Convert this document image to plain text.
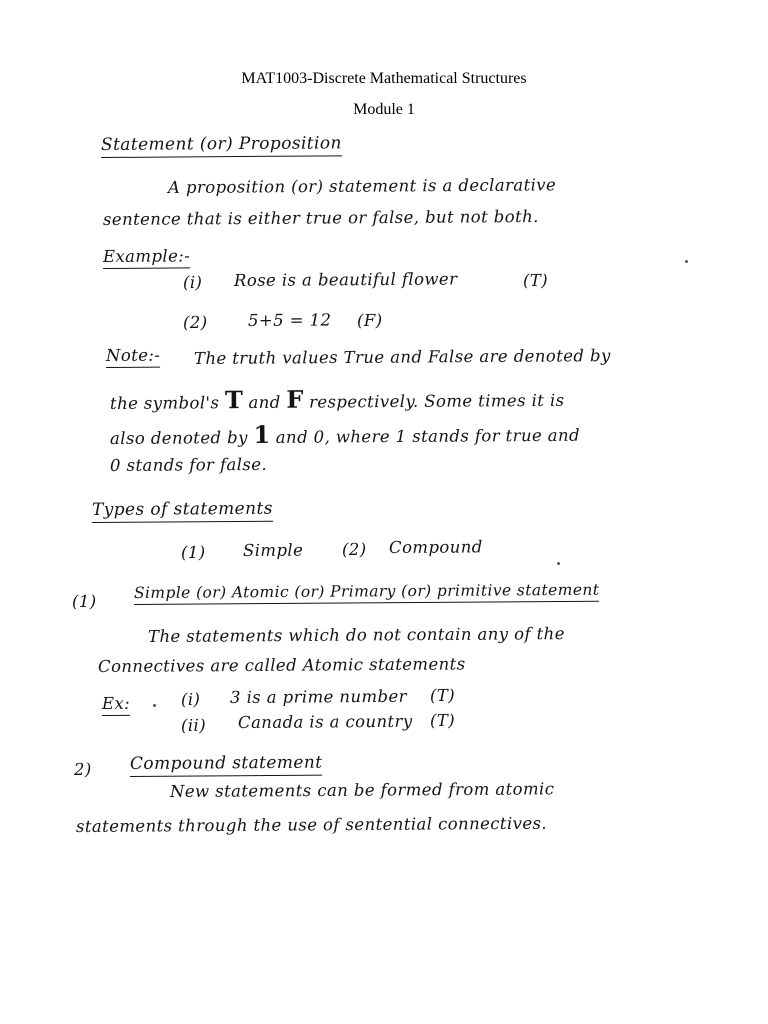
MAT1003-Discrete Mathematical Structures
Module 1
Statement (or) Proposition
A proposition (or) statement is a declarative
sentence that is either true or false, but not both.
Example:-
(i) Rose is a beautiful flower	(T)
(2) 5+5 = 12 (F)
Note:- The truth values True and False are denoted by
the symbol's T and F respectively. Some times it is
also denoted by 1 and 0, where 1 stands for true and
0 stands for false.
Types of statements
(1) Simple (2) Compound
(1) Simple (or) Atomic (or) Primary (or) primitive statement
The statements which do not contain any of the
Connectives are called Atomic statements
Ex:	(i) 3 is a prime number (T)
(ii) Canada is a country (T)
2) Compound statement
New statements can be formed from atomic
statements through the use of sentential connectives.
